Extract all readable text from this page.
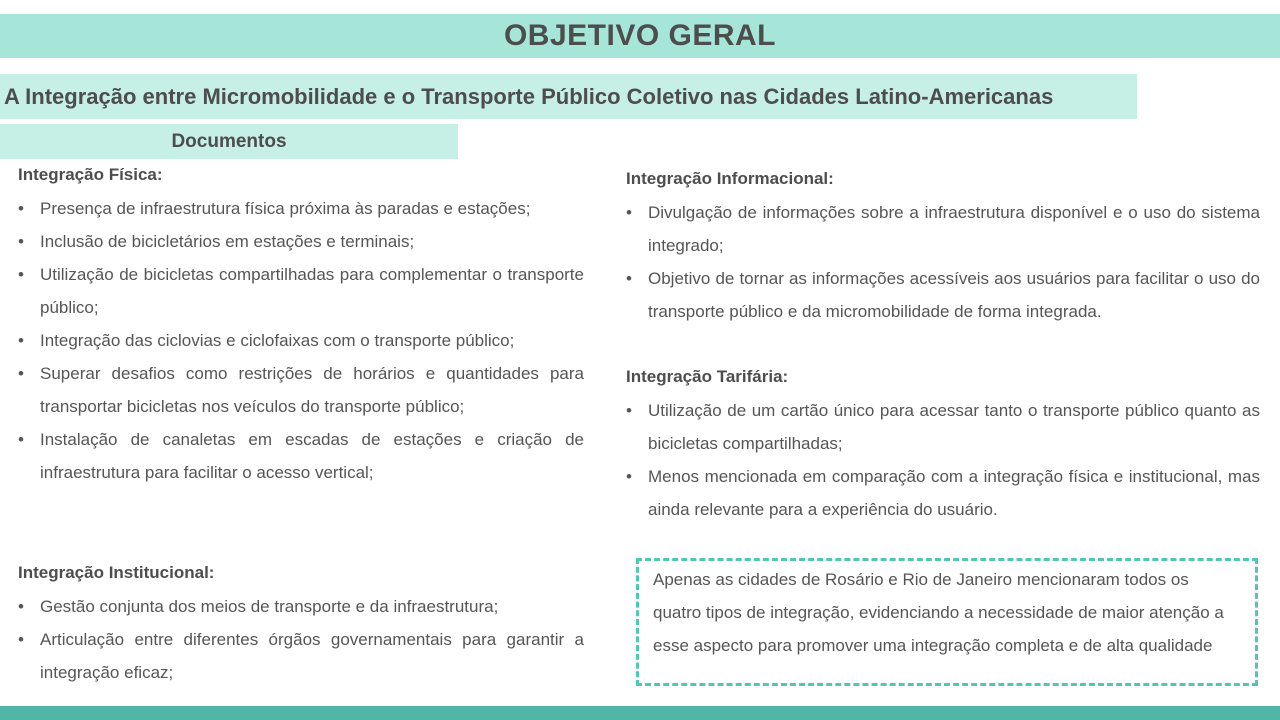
OBJETIVO GERAL
A Integração entre Micromobilidade e o Transporte Público Coletivo nas Cidades Latino-Americanas
Documentos
Integração Física:
• Presença de infraestrutura física próxima às paradas e estações;
• Inclusão de bicicletários em estações e terminais;
• Utilização de bicicletas compartilhadas para complementar o transporte público;
• Integração das ciclovias e ciclofaixas com o transporte público;
• Superar desafios como restrições de horários e quantidades para transportar bicicletas nos veículos do transporte público;
• Instalação de canaletas em escadas de estações e criação de infraestrutura para facilitar o acesso vertical;
Integração Institucional:
• Gestão conjunta dos meios de transporte e da infraestrutura;
• Articulação entre diferentes órgãos governamentais para garantir a integração eficaz;
Integração Informacional:
• Divulgação de informações sobre a infraestrutura disponível e o uso do sistema integrado;
• Objetivo de tornar as informações acessíveis aos usuários para facilitar o uso do transporte público e da micromobilidade de forma integrada.
Integração Tarifária:
• Utilização de um cartão único para acessar tanto o transporte público quanto as bicicletas compartilhadas;
• Menos mencionada em comparação com a integração física e institucional, mas ainda relevante para a experiência do usuário.

Apenas as cidades de Rosário e Rio de Janeiro mencionaram todos os quatro tipos de integração, evidenciando a necessidade de maior atenção a esse aspecto para promover uma integração completa e de alta qualidade
